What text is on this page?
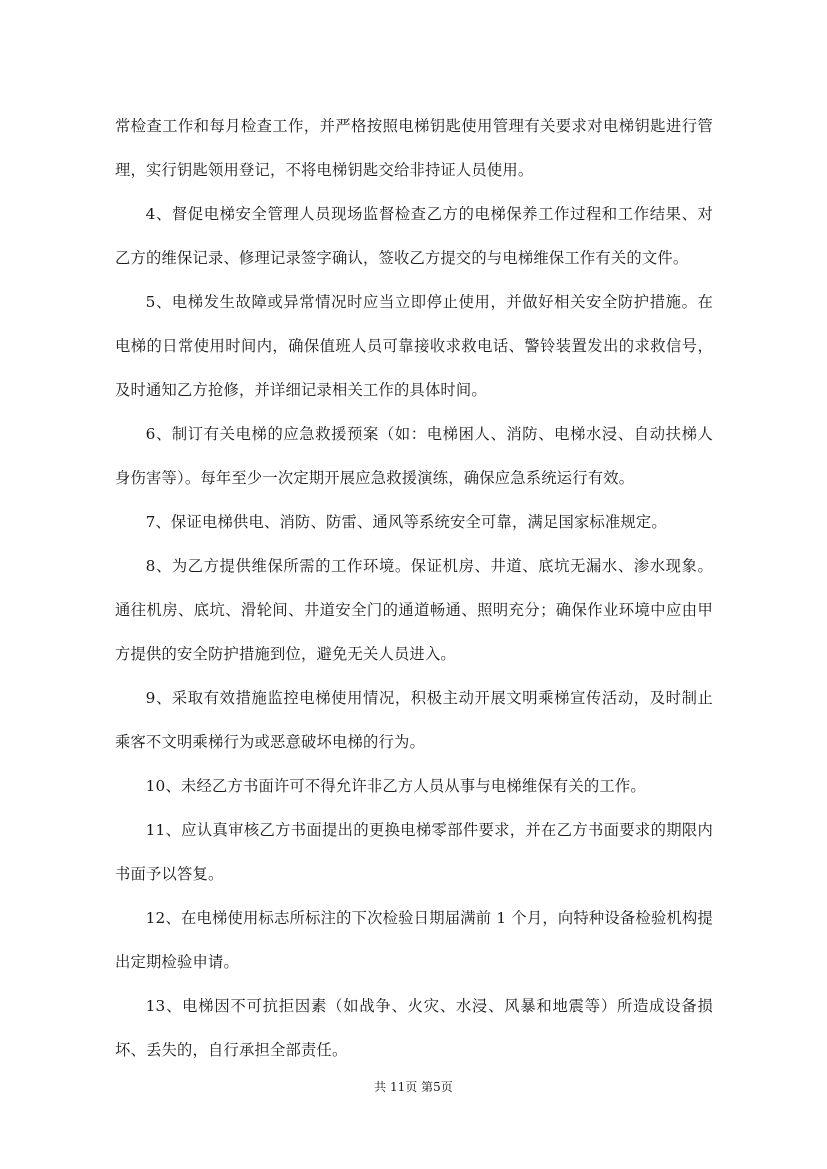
常检查工作和每月检查工作，并严格按照电梯钥匙使用管理有关要求对电梯钥匙进行管理，实行钥匙领用登记，不将电梯钥匙交给非持证人员使用。

4、督促电梯安全管理人员现场监督检查乙方的电梯保养工作过程和工作结果、对乙方的维保记录、修理记录签字确认，签收乙方提交的与电梯维保工作有关的文件。

5、电梯发生故障或异常情况时应当立即停止使用，并做好相关安全防护措施。在电梯的日常使用时间内，确保值班人员可靠接收求救电话、警铃装置发出的求救信号，及时通知乙方抢修，并详细记录相关工作的具体时间。

6、制订有关电梯的应急救援预案（如：电梯困人、消防、电梯水浸、自动扶梯人身伤害等）。每年至少一次定期开展应急救援演练，确保应急系统运行有效。

7、保证电梯供电、消防、防雷、通风等系统安全可靠，满足国家标准规定。

8、为乙方提供维保所需的工作环境。保证机房、井道、底坑无漏水、渗水现象。通往机房、底坑、滑轮间、井道安全门的通道畅通、照明充分；确保作业环境中应由甲方提供的安全防护措施到位，避免无关人员进入。

9、采取有效措施监控电梯使用情况，积极主动开展文明乘梯宣传活动，及时制止乘客不文明乘梯行为或恶意破坏电梯的行为。

10、未经乙方书面许可不得允许非乙方人员从事与电梯维保有关的工作。

11、应认真审核乙方书面提出的更换电梯零部件要求，并在乙方书面要求的期限内书面予以答复。

12、在电梯使用标志所标注的下次检验日期届满前 1 个月，向特种设备检验机构提出定期检验申请。

13、电梯因不可抗拒因素（如战争、火灾、水浸、风暴和地震等）所造成设备损坏、丢失的，自行承担全部责任。

共 11页 第5页
